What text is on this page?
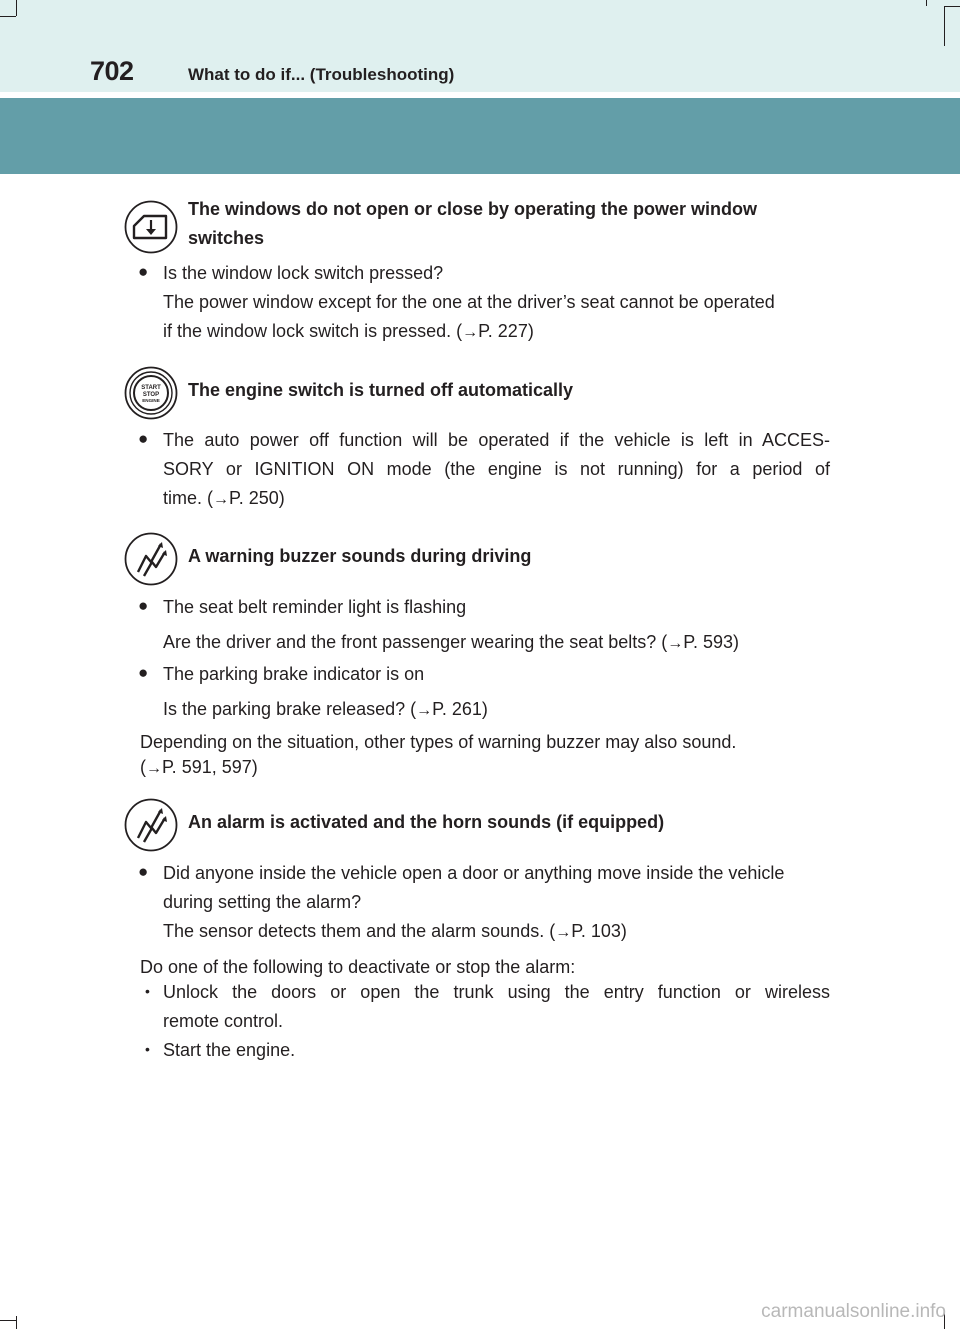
702	What to do if... (Troubleshooting)
The windows do not open or close by operating the power window
switches
● Is the window lock switch pressed?
The power window except for the one at the driver’s seat cannot be operated
if the window lock switch is pressed. (→P. 227)
START
STOP
ENGINE
The engine switch is turned off automatically
● The auto power off function will be operated if the vehicle is left in ACCES-
SORY or IGNITION ON mode (the engine is not running) for a period of
time. (→P. 250)
A warning buzzer sounds during driving
● The seat belt reminder light is flashing
Are the driver and the front passenger wearing the seat belts? (→P. 593)
● The parking brake indicator is on
Is the parking brake released? (→P. 261)
Depending on the situation, other types of warning buzzer may also sound.
(→P. 591, 597)
An alarm is activated and the horn sounds (if equipped)
● Did anyone inside the vehicle open a door or anything move inside the vehicle
during setting the alarm?
The sensor detects them and the alarm sounds. (→P. 103)
Do one of the following to deactivate or stop the alarm:
• Unlock the doors or open the trunk using the entry function or wireless
remote control.
• Start the engine.
carmanualsonline.info
